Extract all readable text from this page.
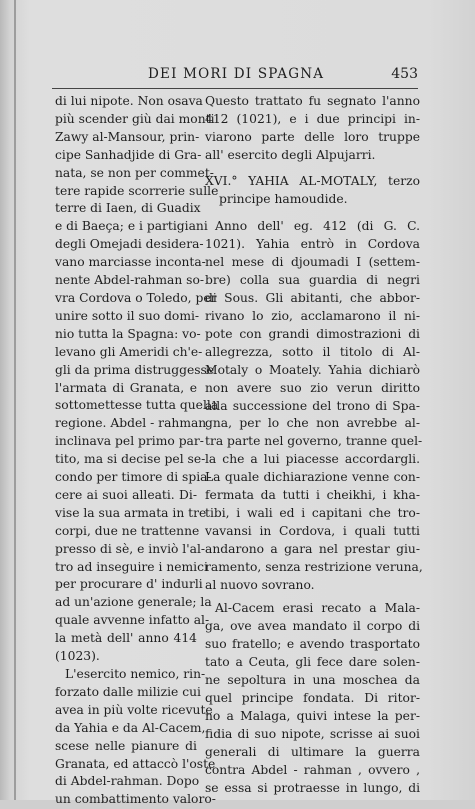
DEI MORI DI SPAGNA	453
di lui nipote. Non osava
più scender giù dai monti
Zawy al-Mansour, prin-
cipe Sanhadjide di Gra-
nata, se non per commet-
tere rapide scorrerie sulle
terre di Iaen, di Guadix
e di Baeça; e i partigiani
degli Omejadi desidera-
vano marciasse inconta-
nente Abdel-rahman so-
vra Cordova o Toledo, per
unire sotto il suo domi-
nio tutta la Spagna: vo-
levano gli Ameridi ch'e-
gli da prima distruggesse
l'armata di Granata, e
sottomettesse tutta quella
regione. Abdel - rahman
inclinava pel primo par-
tito, ma si decise pel se-
condo per timore di spia-
cere ai suoi alleati. Di-
vise la sua armata in tre
corpi, due ne trattenne
presso di sè, e inviò l'al-
tro ad inseguire i nemici
per procurare d' indurli
ad un'azione generale; la
quale avvenne infatto al-
la metà dell' anno 414
(1023).
L'esercito nemico, rin-
forzato dalle milizie cui
avea in più volte ricevute
da Yahia e da Al-Cacem,
scese nelle pianure di
Granata, ed attaccò l'oste
di Abdel-rahman. Dopo
un combattimento valoro-
Questo trattato fu segnato l'anno
412 (1021), e i due principi in-
viarono parte delle loro truppe
all' esercito degli Alpujarri.
XVI.° YAHIA AL-MOTALY, terzo
principe hamoudide.
Anno dell' eg. 412 (di G. C.
1021). Yahia entrò in Cordova
nel mese di djoumadi I (settem-
bre) colla sua guardia di negri
di Sous. Gli abitanti, che abbor-
rivano lo zio, acclamarono il ni-
pote con grandi dimostrazioni di
allegrezza, sotto il titolo di Al-
Motaly o Moately. Yahia dichiarò
non avere suo zio verun diritto
alla successione del trono di Spa-
gna, per lo che non avrebbe al-
tra parte nel governo, tranne quel-
la che a lui piacesse accordargli.
La quale dichiarazione venne con-
fermata da tutti i cheikhi, i kha-
tibi, i wali ed i capitani che tro-
vavansi in Cordova, i quali tutti
andarono a gara nel prestar giu-
ramento, senza restrizione veruna,
al nuovo sovrano.
Al-Cacem erasi recato a Mala-
ga, ove avea mandato il corpo di
suo fratello; e avendo trasportato
tato a Ceuta, gli fece dare solen-
ne sepoltura in una moschea da
quel principe fondata. Di ritor-
no a Malaga, quivi intese la per-
fidia di suo nipote, scrisse ai suoi
generali di ultimare la guerra
contra Abdel - rahman , ovvero ,
se essa si protraesse in lungo, di
